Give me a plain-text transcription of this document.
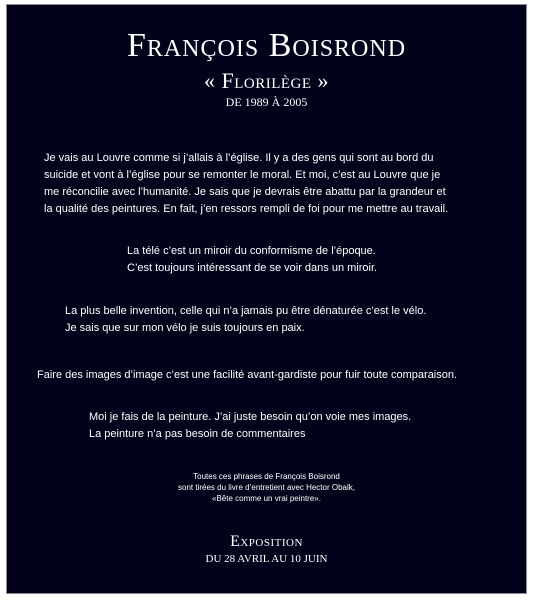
François Boisrond
« Florilège »
DE 1989 À 2005

Je vais au Louvre comme si j’allais à l’église. Il y a des gens qui sont au bord du
suicide et vont à l’église pour se remonter le moral. Et moi, c’est au Louvre que je
me réconcilie avec l’humanité. Je sais que je devrais être abattu par la grandeur et
la qualité des peintures. En fait, j’en ressors rempli de foi pour me mettre au travail.

La télé c’est un miroir du conformisme de l’époque.
C’est toujours intéressant de se voir dans un miroir.

La plus belle invention, celle qui n’a jamais pu être dénaturée c’est le vélo.
Je sais que sur mon vélo je suis toujours en paix.

Faire des images d’image c’est une facilité avant-gardiste pour fuir toute comparaison.

Moi je fais de la peinture. J’ai juste besoin qu’on voie mes images.
La peinture n’a pas besoin de commentaires

Toutes ces phrases de François Boisrond
sont tirées du livre d’entretient avec Hector Obalk,
«Bête comme un vrai peintre».
Exposition
DU 28 AVRIL AU 10 JUIN
